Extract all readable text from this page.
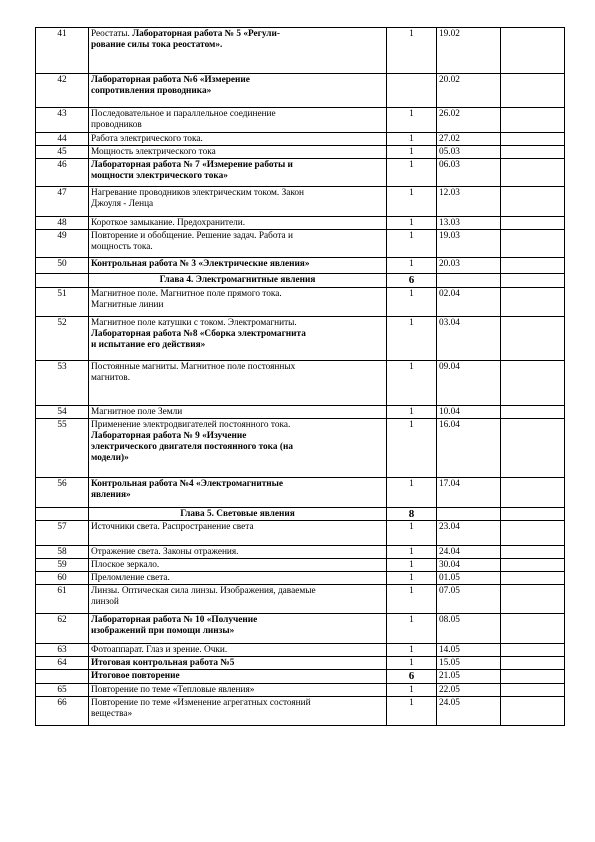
41	Реостаты. Лабораторная работа № 5 «Регули-
рование силы тока реостатом».	1	19.02	
42	Лабораторная работа №6 «Измерение
сопротивления проводника»		20.02	
43	Последовательное и параллельное соединение
проводников	1	26.02	
44	Работа электрического тока.	1	27.02	
45	Мощность электрического тока	1	05.03	
46	Лабораторная работа № 7 «Измерение работы и
мощности электрического тока»	1	06.03	
47	Нагревание проводников электрическим током. Закон
Джоуля - Ленца	1	12.03	
48	Короткое замыкание. Предохранители.	1	13.03	
49	Повторение и обобщение. Решение задач. Работа и
мощность тока.	1	19.03	
50	Контрольная работа № 3 «Электрические явления»	1	20.03	
	Глава 4. Электромагнитные явления	6		
51	Магнитное поле. Магнитное поле прямого тока.
Магнитные линии	1	02.04	
52	Магнитное поле катушки с током. Электромагниты.
Лабораторная работа №8 «Сборка электромагнита
и испытание его действия»	1	03.04	
53	Постоянные магниты. Магнитное поле постоянных
магнитов.	1	09.04	
54	Магнитное поле Земли	1	10.04	
55	Применение электродвигателей постоянного тока.
Лабораторная работа № 9 «Изучение
электрического двигателя постоянного тока (на
модели)»	1	16.04	
56	Контрольная работа №4 «Электромагнитные
явления»	1	17.04	
	Глава 5. Световые явления	8		
57	Источники света. Распространение света	1	23.04	
58	Отражение света. Законы отражения.	1	24.04	
59	Плоское зеркало.	1	30.04	
60	Преломление света.	1	01.05	
61	Линзы. Оптическая сила линзы. Изображения, даваемые
линзой	1	07.05	
62	Лабораторная работа № 10 «Получение
изображений при помощи линзы»	1	08.05	
63	Фотоаппарат. Глаз и зрение. Очки.	1	14.05	
64	Итоговая контрольная работа №5	1	15.05	
	Итоговое повторение	6	21.05	
65	Повторение по теме «Тепловые явления»	1	22.05	
66	Повторение по теме «Изменение агрегатных состояний
вещества»	1	24.05	
